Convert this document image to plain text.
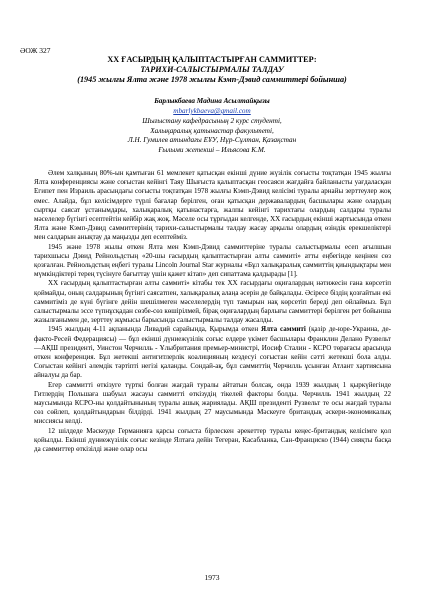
ӘОЖ 327
XX ҒАСЫРДЫҢ ҚАЛЫПТАСТЫРҒАН САММИТТЕР:
ТАРИХИ-САЛЫСТЫРМАЛЫ ТАЛДАУ
(1945 жылғы Ялта және 1978 жылғы Кэмп-Дэвид саммиттері бойынша)
Барлыкбаева Мадина Асылтайқызы
mbarlykbaeva@gmail.com
Шығыстану кафедрасының 2 курс студенті,
Халықаралық қатынастар факультеті,
Л.Н. Гумилев атындағы ЕҰУ, Нұр-Сұлтан, Қазақстан
Ғылыми жетекші – Ильясова К.М.

Әлем халқының 80%-ын қамтыған 61 мемлекет қатысқан екінші дүние жүзілік соғысты тоқтатқан 1945 жылғы Ялта конференциясы және соғыстан кейінгі Таяу Шығыста қалыптасқан геосаяси жағдайға байланысты уағдаласқан Египет пен Израиль арасындағы соғысты тоқтатқан 1978 жылғы Кэмп-Дэвид келісімі туралы арнайы зерттеулер жоқ емес. Алайда, бұл келісімдерге түрлі бағалар берілген, оған қатысқан державалардың басшылары және олардың сыртқы саясат ұстанымдары, халықаралық қатынастарға, жалпы кейінгі тарихтағы олардың салдары туралы мәселелер бүгінгі есептейтін кейбір жақ жоқ. Мәселе осы тұрғыдан келгенде, XX ғасырдың екінші жартысында өткен Ялта және Кэмп-Дэвид саммиттерінің тарихи-салыстырмалы талдау жасау арқылы олардың өзіндік ерекшеліктері мен салдарын анықтау да маңызды деп есептейміз.

1945 және 1978 жылы өткен Ялта мен Кэмп-Дэвид саммиттеріне туралы салыстырмалы есеп ағылшын тарихшысы Дэвид Рейнольдстың «20-шы ғасырдың қалыптастырған алты саммиті» атты еңбегінде кеңінен сөз қозғалған. Рейнольдстың еңбегі туралы Lincoln Journal Star журналы «Бұл халықаралық саммиттің қиындықтары мен мүмкіндіктері терең түсінуге бағыттау үшін қажет кітап» деп сипаттама қалдырады [1].

XX ғасырдың қалыптастырған алты саммиті» кітабы тек XX ғасырдағы оқиғалардың нәтижесін ғана көрсетіп қоймайды, оның салдарының бүгінгі саясатпен, халықаралық алаңа әсерін де байқалады. Әсіресе біздің қозғайтын екі саммитіміз де күні бүгінге дейін шешілмеген мәселелердің түп тамырын нақ көрсетіп береді деп ойлаймыз. Бұл салыстырмалы эссе түпнұсқадан сөзбе-сөз көшірілмей, бірақ оқиғалардың барлығы саммиттері берілген рет бойынша жазылғанымен де, зерттеу жұмысы барысында салыстырмалы талдау жасалды.

1945 жылдың 4-11 ақпанында Ливадий сарайында, Қырымда өткен Ялта саммиті (қазір де-юре-Украина, де-факто-Ресей Федерациясы) — бұл екінші дүниежүзілік соғыс елдере үкімет басшылары Франклин Делано Рузвельт —АҚШ президенті, Уинстон Черчилль - Ұлыбритания премьер-министрі, Иосиф Сталин - КСРО төрағасы арасында өткен конференция. Бұл жетекші антигитлерлік коалицияның кездесуі соғыстан кейін сәтті жетекші бола алды. Соғыстан кейінгі әлемдік тәртіпті негізі қаланды. Сондай-ақ, бұл саммиттің Черчилль ұсынған Атлант хартиясына айналуы да бар.

Егер саммитті өткізуге түрткі болған жағдай туралы айтатын болсақ, онда 1939 жылдың 1 қыркүйегінде Гитлердің Польшаға шабуыл жасауы саммитті өткізудің тікелей факторы болды. Черчилль 1941 жылдың 22 маусымында КСРО-ны қолдайтынының туралы ашық жариялады. АҚШ президенті Рузвельт те осы жағдай туралы сөз сөйлеп, қолдайтындарын білдірді. 1941 жылдың 27 маусымында Мәскеуге британдық әскери-экономикалық миссиясы келді.

12 шілдеде Мәскеуде Германияға қарсы соғыста бірлескен әрекеттер туралы кеңес-британдық келісімге қол қойылды. Екінші дүниежүзілік соғыс кезінде Ялтаға дейін Тегеран, Касабланка, Сан-Франциско (1944) сияқты басқа да саммиттер өткізілді және олар осы

1973
